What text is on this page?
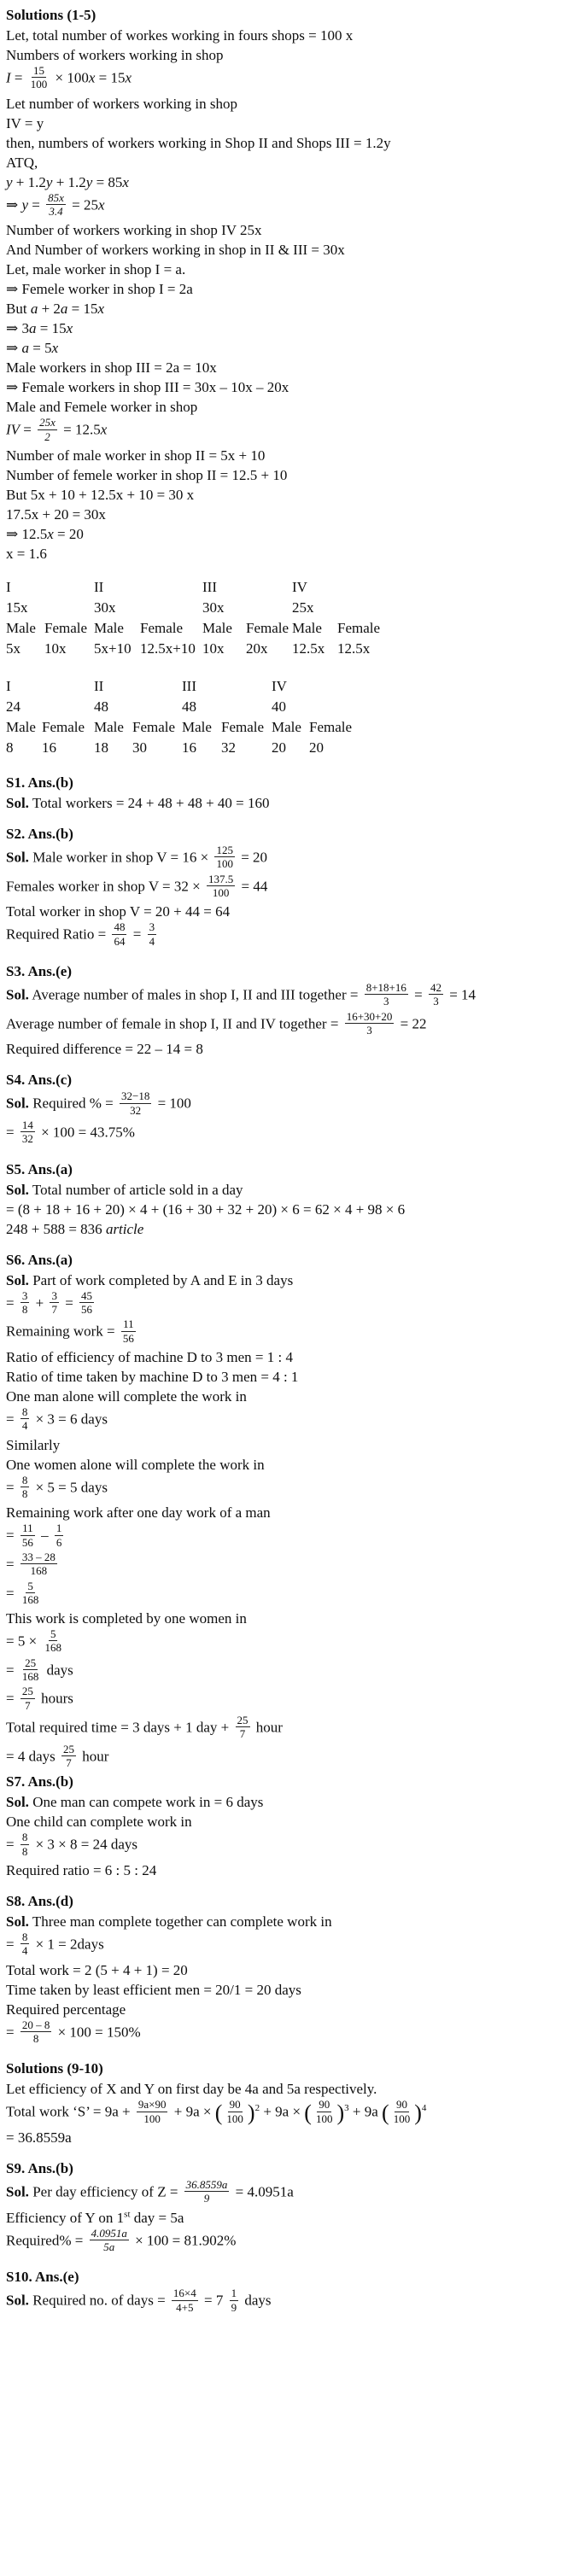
Solutions (1-5)
Let, total number of workes working in fours shops = 100 x
Numbers of workers working in shop
$I = \frac{15}{100} \times 100x = 15x$
Let number of workers working in shop
IV = y
then, numbers of workers working in Shop II and Shops III = 1.2y
ATQ,
y + 1.2y + 1.2y = 85x
⇒ $y = \frac{85x}{3.4} = 25x$
Number of workers working in shop IV 25x
And Number of workers working in shop in II & III = 30x
Let, male worker in shop I = a.
⇒ Femele worker in shop I = 2a
But a + 2a = 15x
⇒ 3a = 15x
⇒ a = 5x
Male workers in shop III = 2a = 10x
⇒ Female workers in shop III = 30x – 10x – 20x
Male and Femele worker in shop
IV = $\frac{25x}{2} = 12.5x$
Number of male worker in shop II = 5x + 10
Number of femele worker in shop II = 12.5 + 10
But 5x + 10 + 12.5x + 10 = 30 x
17.5x + 20 = 30x
⇒ 12.5x = 20
x = 1.6
I	II	III	IV
15x	30x	30x	25x
Male Female Male	Female	Male Female Male	Female
5x	10x	5x+10 12.5x+10 10x	20x	12.5x 12.5x
I	II	III	IV
24	48	48	40
Male Female Male Female Male Female Male Female
8	16	18	30	16	32	20	20
S1. Ans.(b)
Sol. Total workers = 24 + 48 + 48 + 40 = 160
S2. Ans.(b)
Sol. Male worker in shop $V = 16 \times \frac{125}{100} = 20$
Females worker in shop $V = 32 \times \frac{137.5}{100} = 44$
Total worker in shop V = 20 + 44 = 64
Required Ratio = $\frac{48}{64} = \frac{3}{4}$
S3. Ans.(e)
Sol. Average number of males in shop I, II and III together = $\frac{8+18+16}{3} = \frac{42}{3} = 14$
Average number of female in shop I, II and IV together = $\frac{16+30+20}{3} = 22$
Required difference = 22 – 14 = 8
S4. Ans.(c)
Sol. Required % = $\frac{32-18}{32} = 100$
= $\frac{14}{32} \times 100 = 43.75\%$
S5. Ans.(a)
Sol. Total number of article sold in a day
= (8 + 18 + 16 + 20) × 4 + (16 + 30 + 32 + 20) × 6 = 62 × 4 + 98 × 6
248 + 588 = 836 article
S6. Ans.(a)
Sol. Part of work completed by A and E in 3 days
= $\frac{3}{8} + \frac{3}{7} = \frac{45}{56}$
Remaining work = $\frac{11}{56}$
Ratio of efficiency of machine D to 3 men = 1 : 4
Ratio of time taken by machine D to 3 men = 4 : 1
One man alone will complete the work in
= $\frac{8}{4} \times 3 = 6$ days
Similarly
One women alone will complete the work in
= $\frac{8}{8} \times 5 = 5$ days
Remaining work after one day work of a man
= $\frac{11}{56} - \frac{1}{6}$
= $\frac{33 - 28}{168}$
= $\frac{5}{168}$
This work is completed by one women in
= $5 \times \frac{5}{168}$
= $\frac{25}{168}$ days
= $\frac{25}{7}$ hours
Total required time = 3 days + 1 day + $\frac{25}{7}$ hour
= 4 days $\frac{25}{7}$ hour
S7. Ans.(b)
Sol. One man can compete work in = 6 days
One child can complete work in
= $\frac{8}{8} \times 3 \times 8 = 24$ days
Required ratio = 6 : 5 : 24
S8. Ans.(d)
Sol. Three man complete together can complete work in
= $\frac{8}{4} \times 1$ = 2days
Total work = 2 (5 + 4 + 1) = 20
Time taken by least efficient men = 20/1 = 20 days
Required percentage
= $\frac{20 - 8}{8} \times 100 = 150\%$
Solutions (9-10)
Let efficiency of X and Y on first day be 4a and 5a respectively.
Total work ‘S’ = $9a + \frac{9a\times 90}{100} + 9a$ × ( $\frac{90}{100} )^2 + 9a$ × ( $\frac{90}{100} )^3 + 9a$ ( $\frac{90}{100} )^4$
= 36.8559a
S9. Ans.(b)
Sol. Per day efficiency of $Z = \frac{36.8559a}{9} = 4.0951a$
Efficiency of Y on 1st day = 5a
Required% = $\frac{4.0951a}{5a} \times 100 = 81.902\%$
S10. Ans.(e)
Sol. Required no. of days = $\frac{16\times 4}{4+5} = 7 \frac{1}{9}$ days
